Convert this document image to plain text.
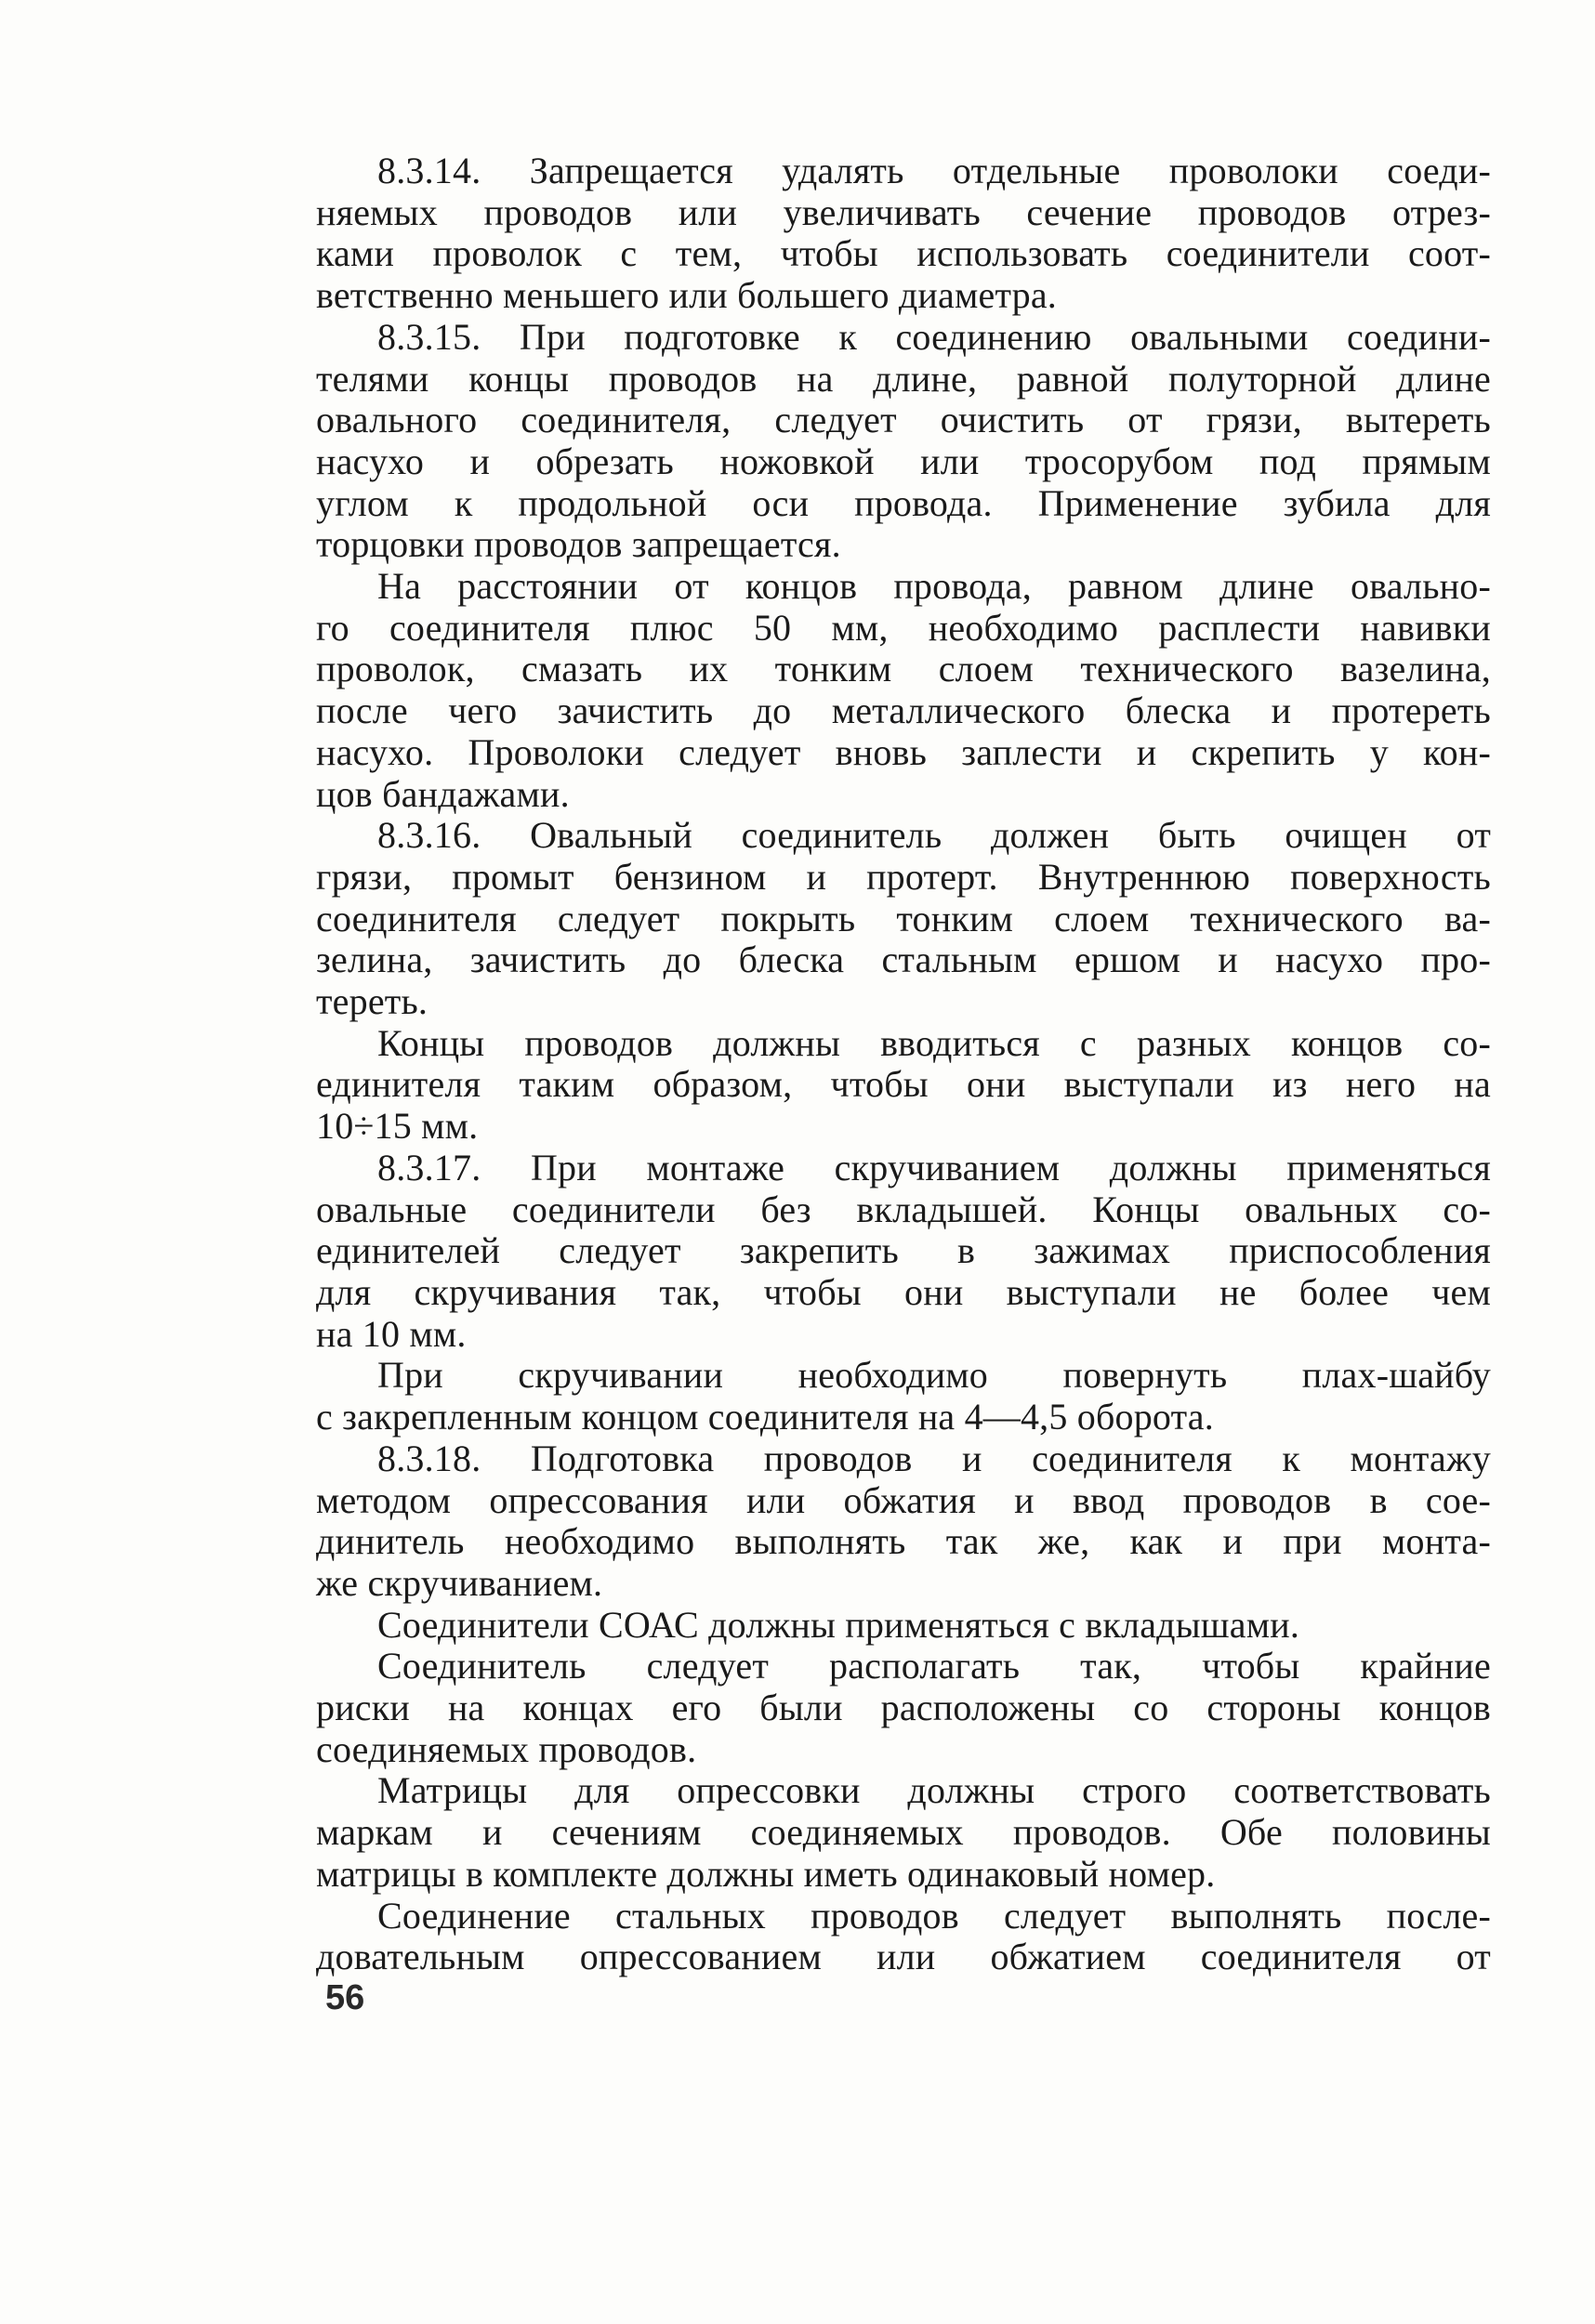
8.3.14. Запрещается удалять отдельные проволоки соеди-
няемых проводов или увеличивать сечение проводов отрез-
ками проволок с тем, чтобы использовать соединители соот-
ветственно меньшего или большего диаметра.
8.3.15. При подготовке к соединению овальными соедини-
телями концы проводов на длине, равной полуторной длине
овального соединителя, следует очистить от грязи, вытереть
насухо и обрезать ножовкой или тросорубом под прямым
углом к продольной оси провода. Применение зубила для
торцовки проводов запрещается.
На расстоянии от концов провода, равном длине овально-
го соединителя плюс 50 мм, необходимо расплести навивки
проволок, смазать их тонким слоем технического вазелина,
после чего зачистить до металлического блеска и протереть
насухо. Проволоки следует вновь заплести и скрепить у кон-
цов бандажами.
8.3.16. Овальный соединитель должен быть очищен от
грязи, промыт бензином и протерт. Внутреннюю поверхность
соединителя следует покрыть тонким слоем технического ва-
зелина, зачистить до блеска стальным ершом и насухо про-
тереть.
Концы проводов должны вводиться с разных концов со-
единителя таким образом, чтобы они выступали из него на
10÷15 мм.
8.3.17. При монтаже скручиванием должны применяться
овальные соединители без вкладышей. Концы овальных со-
единителей следует закрепить в зажимах приспособления
для скручивания так, чтобы они выступали не более чем
на 10 мм.
При скручивании необходимо повернуть плах-шайбу
с закрепленным концом соединителя на 4—4,5 оборота.
8.3.18. Подготовка проводов и соединителя к монтажу
методом опрессования или обжатия и ввод проводов в сое-
динитель необходимо выполнять так же, как и при монта-
же скручиванием.
Соединители СОАС должны применяться с вкладышами.
Соединитель следует располагать так, чтобы крайние
риски на концах его были расположены со стороны концов
соединяемых проводов.
Матрицы для опрессовки должны строго соответствовать
маркам и сечениям соединяемых проводов. Обе половины
матрицы в комплекте должны иметь одинаковый номер.
Соединение стальных проводов следует выполнять после-
довательным опрессованием или обжатием соединителя от
56
